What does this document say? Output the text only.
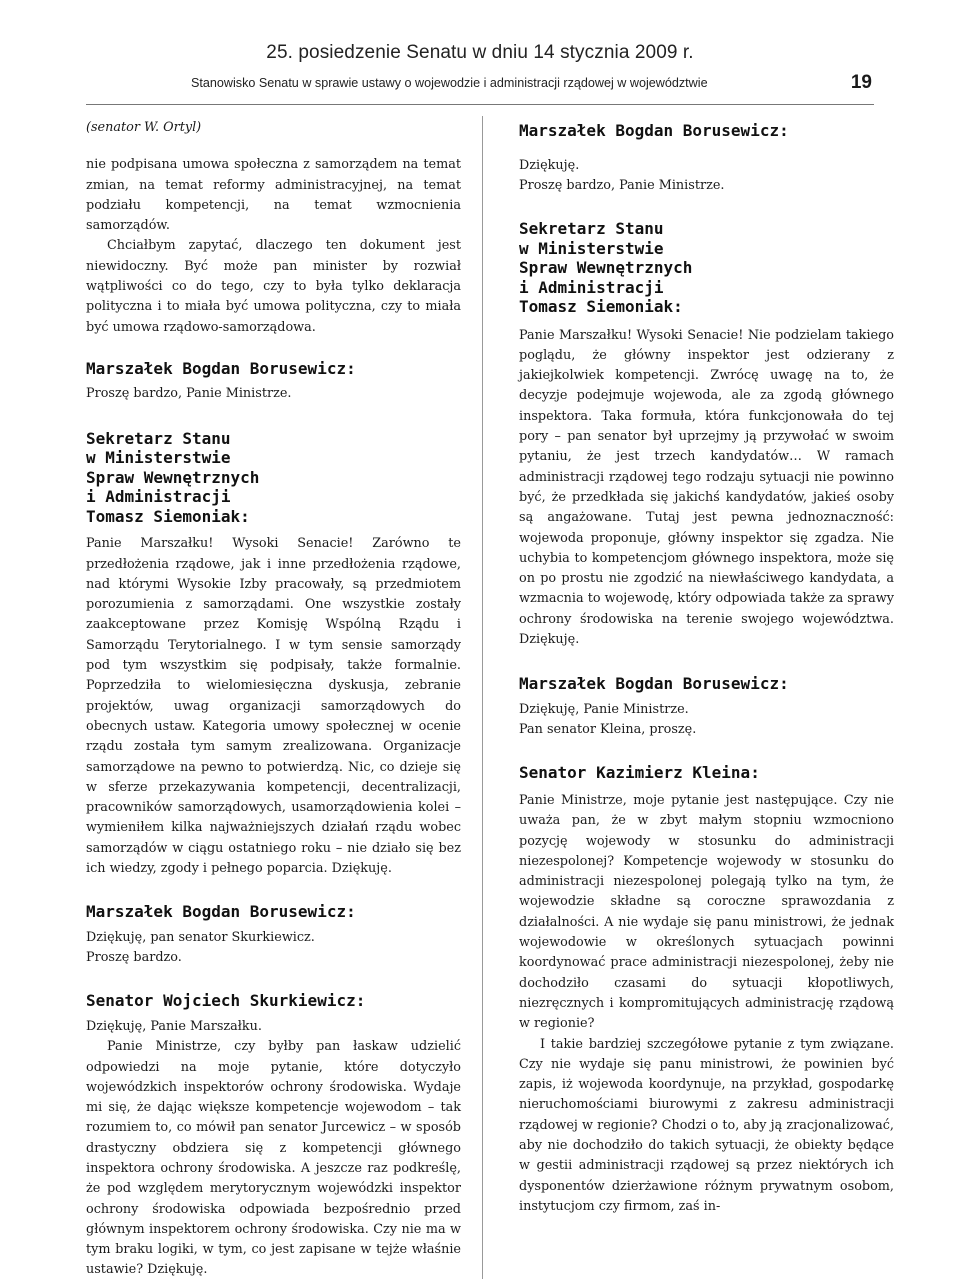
25. posiedzenie Senatu w dniu 14 stycznia 2009 r.
Stanowisko Senatu w sprawie ustawy o wojewodzie i administracji rządowej w województwie	19

(senator W. Ortyl)

nie podpisana umowa społeczna z samorządem na temat zmian, na temat reformy administracyjnej, na temat podziału kompetencji, na temat wzmocnienia samorządów.

Chciałbym zapytać, dlaczego ten dokument jest niewidoczny. Być może pan minister by rozwiał wątpliwości co do tego, czy to była tylko deklaracja polityczna i to miała być umowa polityczna, czy to miała być umowa rządowo-samorządowa.

Marszałek Bogdan Borusewicz:

Proszę bardzo, Panie Ministrze.

Sekretarz Stanu

w Ministerstwie

Spraw Wewnętrznych

i Administracji

Tomasz Siemoniak:

Panie Marszałku! Wysoki Senacie! Zarówno te przedłożenia rządowe, jak i inne przedłożenia rządowe, nad którymi Wysokie Izby pracowały, są przedmiotem porozumienia z samorządami. One wszystkie zostały zaakceptowane przez Komisję Wspólną Rządu i Samorządu Terytorialnego. I w tym sensie samorządy pod tym wszystkim się podpisały, także formalnie. Poprzedziła to wielomiesięczna dyskusja, zebranie projektów, uwag organizacji samorządowych do obecnych ustaw. Kategoria umowy społecznej w ocenie rządu została tym samym zrealizowana. Organizacje samorządowe na pewno to potwierdzą. Nic, co dzieje się w sferze przekazywania kompetencji, decentralizacji, pracowników samorządowych, usamorządowienia kolei – wymieniłem kilka najważniejszych działań rządu wobec samorządów w ciągu ostatniego roku – nie działo się bez ich wiedzy, zgody i pełnego poparcia. Dziękuję.

Marszałek Bogdan Borusewicz:

Dziękuję, pan senator Skurkiewicz.

Proszę bardzo.

Senator Wojciech Skurkiewicz:

Dziękuję, Panie Marszałku.

Panie Ministrze, czy byłby pan łaskaw udzielić odpowiedzi na moje pytanie, które dotyczyło wojewódzkich inspektorów ochrony środowiska. Wydaje mi się, że dając większe kompetencje wojewodom – tak rozumiem to, co mówił pan senator Jurcewicz – w sposób drastyczny obdziera się z kompetencji głównego inspektora ochrony środowiska. A jeszcze raz podkreślę, że pod względem merytorycznym wojewódzki inspektor ochrony środowiska odpowiada bezpośrednio przed głównym inspektorem ochrony środowiska. Czy nie ma w tym braku logiki, w tym, co jest zapisane w tejże właśnie ustawie? Dziękuję.

Marszałek Bogdan Borusewicz:

Dziękuję.

Proszę bardzo, Panie Ministrze.

Sekretarz Stanu

w Ministerstwie

Spraw Wewnętrznych

i Administracji

Tomasz Siemoniak:

Panie Marszałku! Wysoki Senacie! Nie podzielam takiego poglądu, że główny inspektor jest odzierany z jakiejkolwiek kompetencji. Zwrócę uwagę na to, że decyzje podejmuje wojewoda, ale za zgodą głównego inspektora. Taka formuła, która funkcjonowała do tej pory – pan senator był uprzejmy ją przywołać w swoim pytaniu, że jest trzech kandydatów… W ramach administracji rządowej tego rodzaju sytuacji nie powinno być, że przedkłada się jakichś kandydatów, jakieś osoby są angażowane. Tutaj jest pewna jednoznaczność: wojewoda proponuje, główny inspektor się zgadza. Nie uchybia to kompetencjom głównego inspektora, może się on po prostu nie zgodzić na niewłaściwego kandydata, a wzmacnia to wojewodę, który odpowiada także za sprawy ochrony środowiska na terenie swojego województwa. Dziękuję.

Marszałek Bogdan Borusewicz:

Dziękuję, Panie Ministrze.

Pan senator Kleina, proszę.

Senator Kazimierz Kleina:

Panie Ministrze, moje pytanie jest następujące. Czy nie uważa pan, że w zbyt małym stopniu wzmocniono pozycję wojewody w stosunku do administracji niezespolonej? Kompetencje wojewody w stosunku do administracji niezespolonej polegają tylko na tym, że wojewodzie składne są coroczne sprawozdania z działalności. A nie wydaje się panu ministrowi, że jednak wojewodowie w określonych sytuacjach powinni koordynować prace administracji niezespolonej, żeby nie dochodziło czasami do sytuacji kłopotliwych, niezręcznych i kompromitujących administrację rządową w regionie?

I takie bardziej szczegółowe pytanie z tym związane. Czy nie wydaje się panu ministrowi, że powinien być zapis, iż wojewoda koordynuje, na przykład, gospodarkę nieruchomościami biurowymi z zakresu administracji rządowej w regionie? Chodzi o to, aby ją zracjonalizować, aby nie dochodziło do takich sytuacji, że obiekty będące w gestii administracji rządowej są przez niektórych ich dysponentów dzierżawione różnym prywatnym osobom, instytucjom czy firmom, zaś in-
